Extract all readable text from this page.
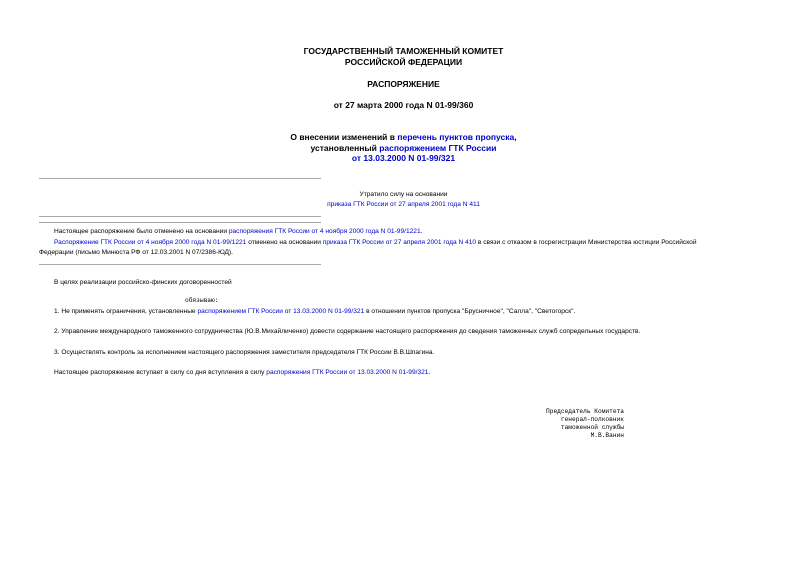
ГОСУДАРСТВЕННЫЙ ТАМОЖЕННЫЙ КОМИТЕТ
РОССИЙСКОЙ ФЕДЕРАЦИИ
РАСПОРЯЖЕНИЕ
от 27 марта 2000 года N 01-99/360
О внесении изменений в перечень пунктов пропуска,
установленный распоряжением ГТК России
от 13.03.2000 N 01-99/321
Утратило силу на основании
приказа ГТК России от 27 апреля 2001 года N 411
Настоящее распоряжение было отменено на основании распоряжения ГТК России от 4 ноября 2000 года N 01-99/1221.
Распоряжение ГТК России от 4 ноября 2000 года N 01-99/1221 отменено на основании приказа ГТК России от 27 апреля 2001 года N 410 в связи с отказом в госрегистрации Министерства юстиции Российской
Федерации (письмо Минюста РФ от 12.03.2001 N 07/2386-ЮД).
В целях реализации российско-финских договоренностей
обязываю:
1. Не применять ограничения, установленные распоряжением ГТК России от 13.03.2000 N 01-99/321 в отношении пунктов пропуска "Брусничное", "Салла", "Светогорск".
2. Управление международного таможенного сотрудничества (Ю.В.Михайличенко) довести содержание настоящего распоряжения до сведения таможенных служб сопредельных государств.
3. Осуществлять контроль за исполнением настоящего распоряжения заместителя председателя ГТК России В.В.Шпагина.
Настоящее распоряжение вступает в силу со дня вступления в силу распоряжения ГТК России от 13.03.2000 N 01-99/321.
Председатель Комитета
генерал-полковник
таможенной службы
М.В.Ванин
